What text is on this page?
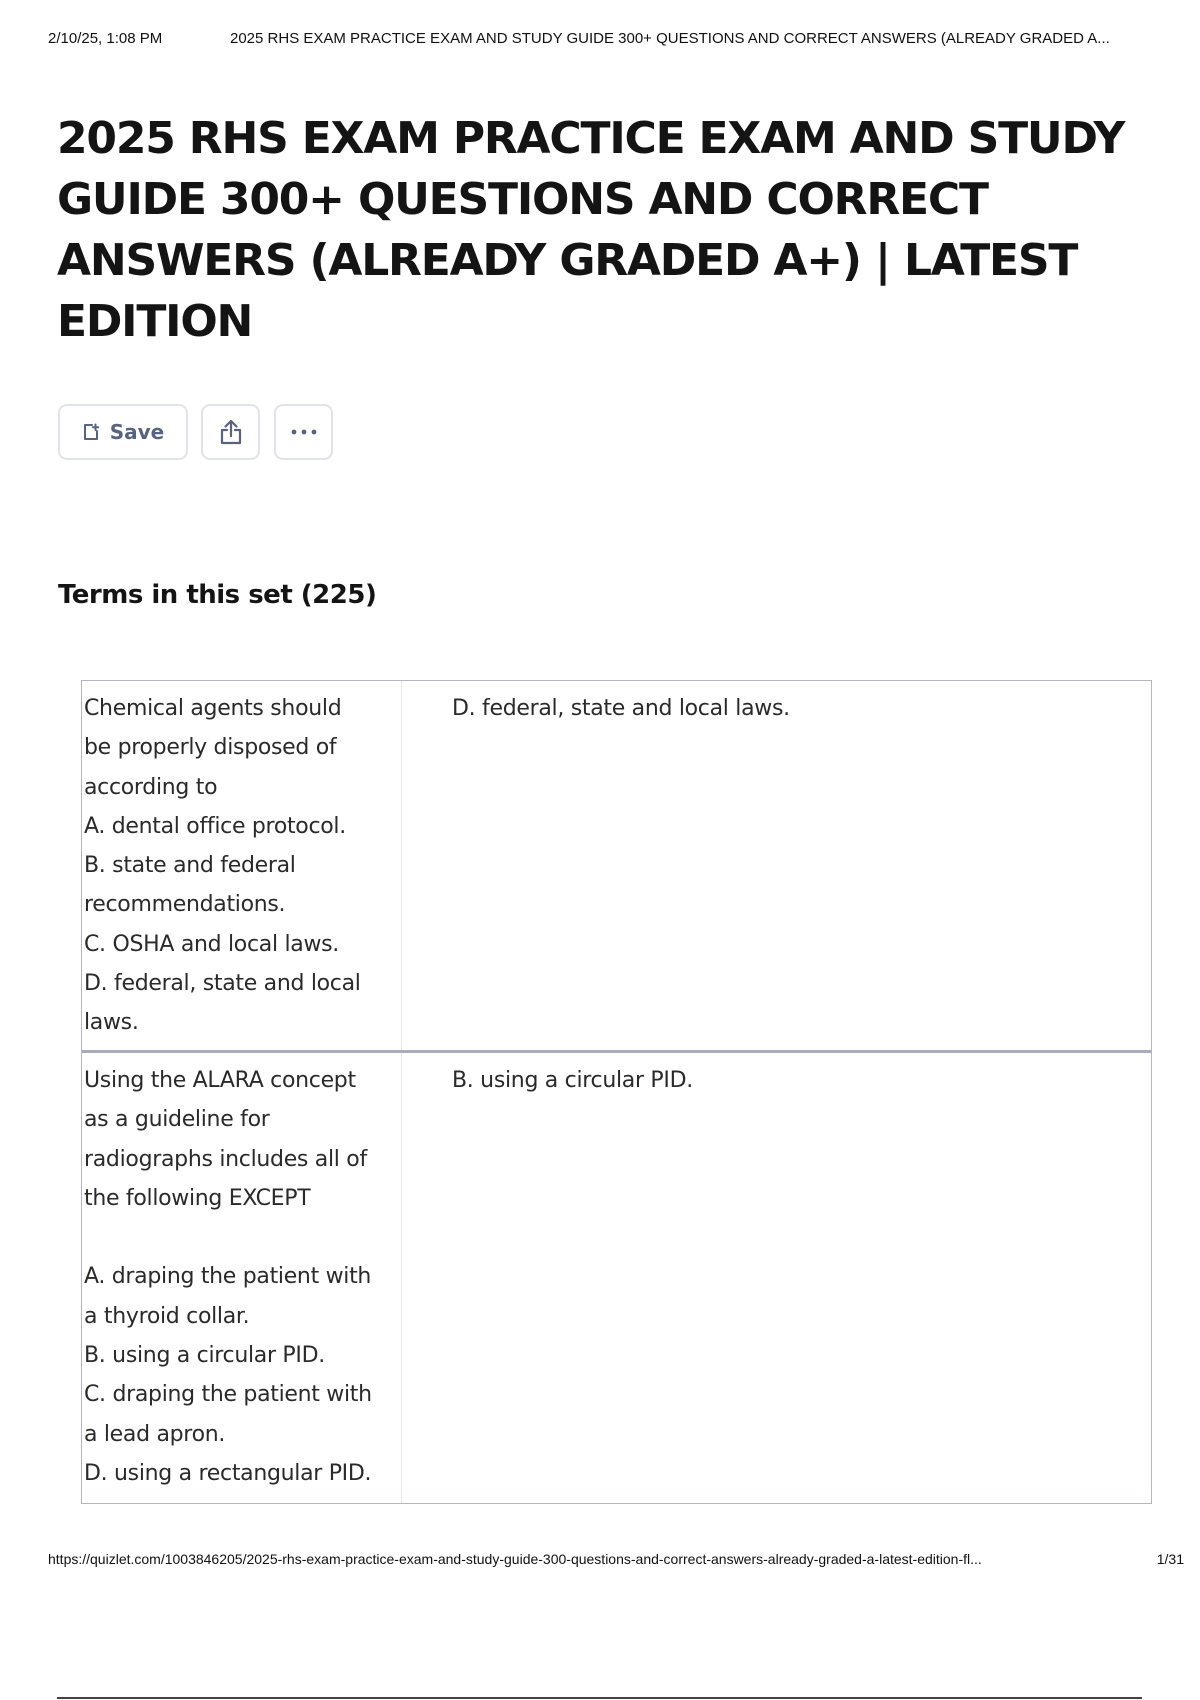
2/10/25, 1:08 PM	2025 RHS EXAM PRACTICE EXAM AND STUDY GUIDE 300+ QUESTIONS AND CORRECT ANSWERS (ALREADY GRADED A...
2025 RHS EXAM PRACTICE EXAM AND STUDY GUIDE 300+ QUESTIONS AND CORRECT ANSWERS (ALREADY GRADED A+) | LATEST EDITION
Save
Terms in this set (225)
Chemical agents should
be properly disposed of
according to
A. dental office protocol.
B. state and federal
recommendations.
C. OSHA and local laws.
D. federal, state and local
laws.
D. federal, state and local laws.
Using the ALARA concept
as a guideline for
radiographs includes all of
the following EXCEPT

A. draping the patient with
a thyroid collar.
B. using a circular PID.
C. draping the patient with
a lead apron.
D. using a rectangular PID.
B. using a circular PID.
https://quizlet.com/1003846205/2025-rhs-exam-practice-exam-and-study-guide-300-questions-and-correct-answers-already-graded-a-latest-edition-fl...	1/31
